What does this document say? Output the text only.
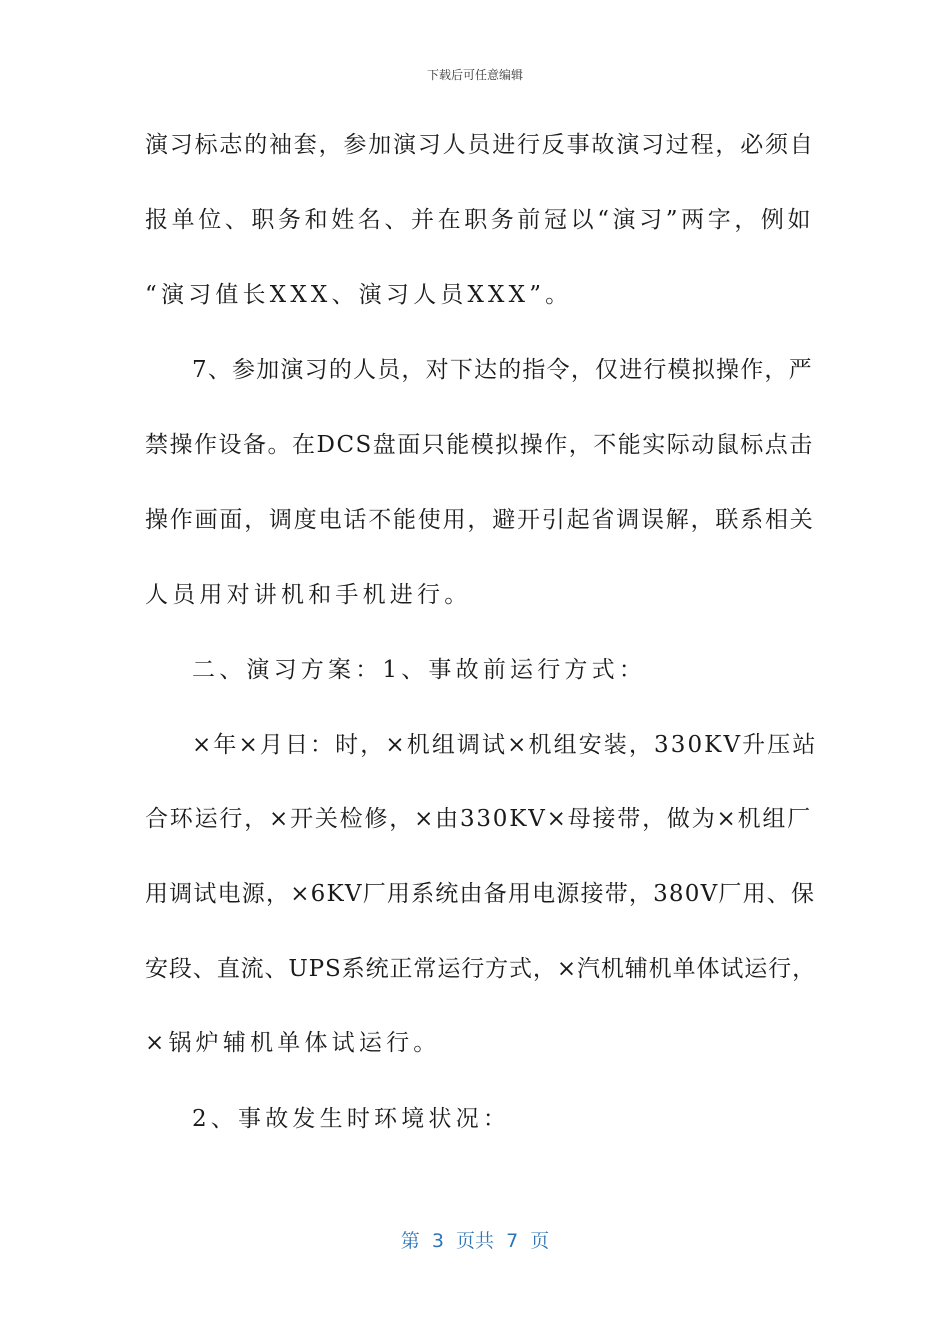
下载后可任意编辑
演习标志的袖套，参加演习人员进行反事故演习过程，必须自
报单位、职务和姓名、并在职务前冠以“演习”两字，例如
“演习值长XXX、演习人员XXX”。
7、参加演习的人员，对下达的指令，仅进行模拟操作，严
禁操作设备。在DCS盘面只能模拟操作，不能实际动鼠标点击
操作画面，调度电话不能使用，避开引起省调误解，联系相关
人员用对讲机和手机进行。
二、演习方案：1、事故前运行方式：
×年×月日：时，×机组调试×机组安装，330KV升压站
合环运行，×开关检修，×由330KV×母接带，做为×机组厂
用调试电源，×6KV厂用系统由备用电源接带，380V厂用、保
安段、直流、UPS系统正常运行方式，×汽机辅机单体试运行，
×锅炉辅机单体试运行。
2、事故发生时环境状况：
第  3  页共  7  页
